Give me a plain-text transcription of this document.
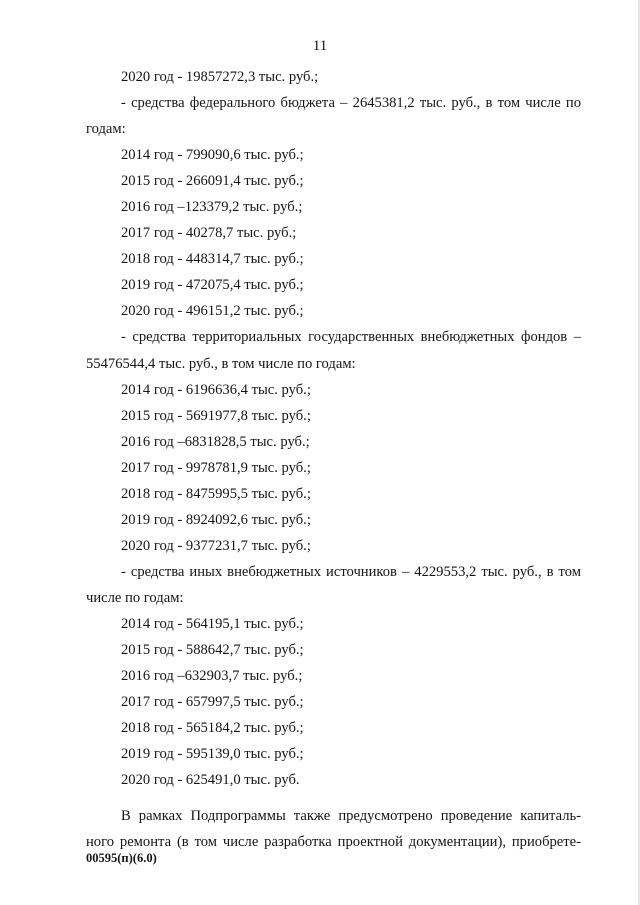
11
2020 год - 19857272,3 тыс. руб.;
- средства федерального бюджета – 2645381,2 тыс. руб., в том числе по
годам:
2014 год - 799090,6 тыс. руб.;
2015 год - 266091,4 тыс. руб.;
2016 год –123379,2 тыс. руб.;
2017 год - 40278,7 тыс. руб.;
2018 год - 448314,7 тыс. руб.;
2019 год - 472075,4 тыс. руб.;
2020 год - 496151,2 тыс. руб.;
- средства территориальных государственных внебюджетных фондов –
55476544,4 тыс. руб., в том числе по годам:
2014 год - 6196636,4 тыс. руб.;
2015 год - 5691977,8 тыс. руб.;
2016 год –6831828,5 тыс. руб.;
2017 год - 9978781,9 тыс. руб.;
2018 год - 8475995,5 тыс. руб.;
2019 год - 8924092,6 тыс. руб.;
2020 год - 9377231,7 тыс. руб.;
- средства иных внебюджетных источников – 4229553,2 тыс. руб., в том
числе по годам:
2014 год - 564195,1 тыс. руб.;
2015 год - 588642,7 тыс. руб.;
2016 год –632903,7 тыс. руб.;
2017 год - 657997,5 тыс. руб.;
2018 год - 565184,2 тыс. руб.;
2019 год - 595139,0 тыс. руб.;
2020 год - 625491,0 тыс. руб.
В рамках Подпрограммы также предусмотрено проведение капиталь-
ного ремонта (в том числе разработка проектной документации), приобрете-
00595(п)(6.0)
